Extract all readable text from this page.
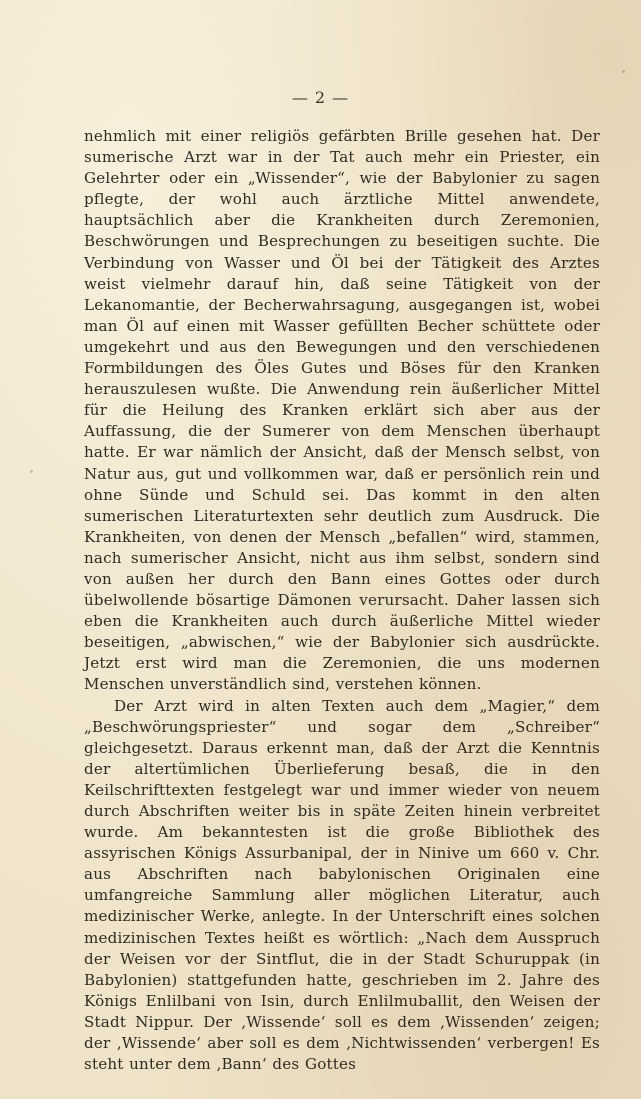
— 2 —

nehmlich mit einer religiös gefärbten Brille gesehen hat. Der sumerische Arzt war in der Tat auch mehr ein Priester, ein Gelehrter oder ein „Wissender“, wie der Babylonier zu sagen pflegte, der wohl auch ärztliche Mittel anwendete, hauptsächlich aber die Krankheiten durch Zeremonien, Beschwörungen und Besprechungen zu beseitigen suchte. Die Verbindung von Wasser und Öl bei der Tätigkeit des Arztes weist vielmehr darauf hin, daß seine Tätigkeit von der Lekanomantie, der Becherwahrsagung, ausgegangen ist, wobei man Öl auf einen mit Wasser gefüllten Becher schüttete oder umgekehrt und aus den Bewegungen und den verschiedenen Formbildungen des Öles Gutes und Böses für den Kranken herauszulesen wußte. Die Anwendung rein äußerlicher Mittel für die Heilung des Kranken erklärt sich aber aus der Auffassung, die der Sumerer von dem Menschen überhaupt hatte. Er war nämlich der Ansicht, daß der Mensch selbst, von Natur aus, gut und vollkommen war, daß er persönlich rein und ohne Sünde und Schuld sei. Das kommt in den alten sumerischen Literaturtexten sehr deutlich zum Ausdruck. Die Krankheiten, von denen der Mensch „befallen“ wird, stammen, nach sumerischer Ansicht, nicht aus ihm selbst, sondern sind von außen her durch den Bann eines Gottes oder durch übelwollende bösartige Dämonen verursacht. Daher lassen sich eben die Krankheiten auch durch äußerliche Mittel wieder beseitigen, „abwischen,“ wie der Babylonier sich ausdrückte. Jetzt erst wird man die Zeremonien, die uns modernen Menschen unverständlich sind, verstehen können.

Der Arzt wird in alten Texten auch dem „Magier,“ dem „Beschwörungspriester“ und sogar dem „Schreiber“ gleichgesetzt. Daraus erkennt man, daß der Arzt die Kenntnis der altertümlichen Überlieferung besaß, die in den Keilschrifttexten festgelegt war und immer wieder von neuem durch Abschriften weiter bis in späte Zeiten hinein verbreitet wurde. Am bekanntesten ist die große Bibliothek des assyrischen Königs Assurbanipal, der in Ninive um 660 v. Chr. aus Abschriften nach babylonischen Originalen eine umfangreiche Sammlung aller möglichen Literatur, auch medizinischer Werke, anlegte. In der Unterschrift eines solchen medizinischen Textes heißt es wörtlich: „Nach dem Ausspruch der Weisen vor der Sintflut, die in der Stadt Schuruppak (in Babylonien) stattgefunden hatte, geschrieben im 2. Jahre des Königs Enlilbani von Isin, durch Enlilmuballit, den Weisen der Stadt Nippur. Der ‚Wissende‘ soll es dem ‚Wissenden‘ zeigen; der ‚Wissende‘ aber soll es dem ‚Nichtwissenden‘ verbergen! Es steht unter dem ‚Bann‘ des Gottes
